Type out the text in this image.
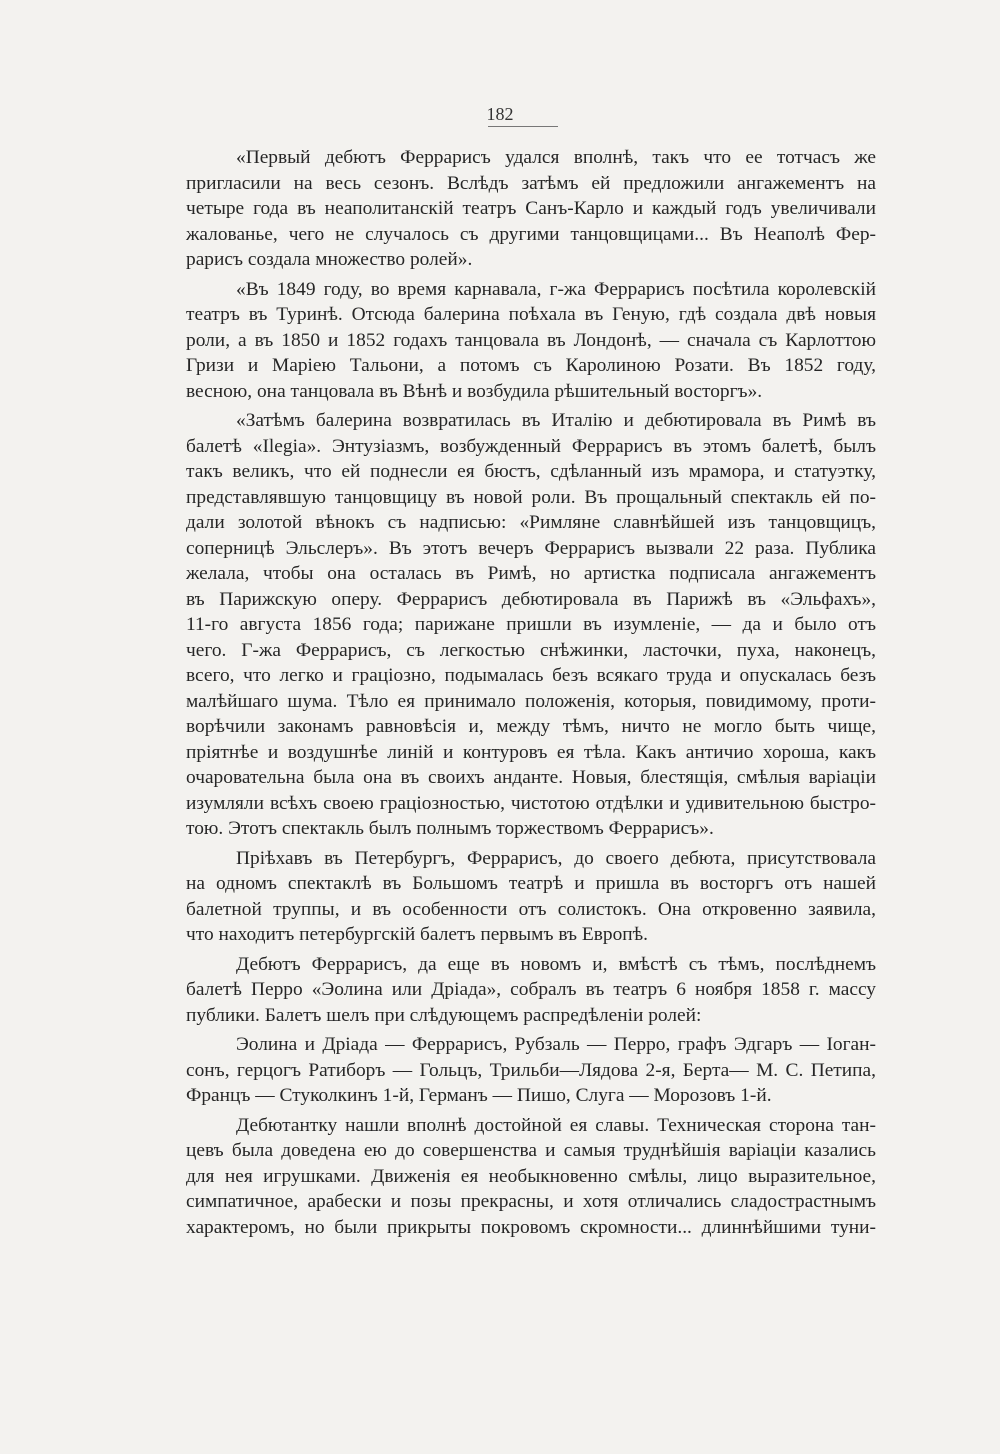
182

«Первый дебютъ Феррарисъ удался вполнѣ, такъ что ее тотчасъ же
пригласили на весь сезонъ. Вслѣдъ затѣмъ ей предложили ангажементъ на
четыре года въ неаполитанскій театръ Санъ-Карло и каждый годъ увеличивали
жалованье, чего не случалось съ другими танцовщицами... Въ Неаполѣ Фер-
рарисъ создала множество ролей».

«Въ 1849 году, во время карнавала, г-жа Феррарисъ посѣтила королевскій
театръ въ Туринѣ. Отсюда балерина поѣхала въ Геную, гдѣ создала двѣ новыя
роли, а въ 1850 и 1852 годахъ танцовала въ Лондонѣ, — сначала съ Карлоттою
Гризи и Маріею Тальони, а потомъ съ Каролиною Розати. Въ 1852 году,
весною, она танцовала въ Вѣнѣ и возбудила рѣшительный восторгъ».

«Затѣмъ балерина возвратилась въ Италію и дебютировала въ Римѣ въ
балетѣ «Ilegia». Энтузіазмъ, возбужденный Феррарисъ въ этомъ балетѣ, былъ
такъ великъ, что ей поднесли ея бюстъ, сдѣланный изъ мрамора, и статуэтку,
представлявшую танцовщицу въ новой роли. Въ прощальный спектакль ей по-
дали золотой вѣнокъ съ надписью: «Римляне славнѣйшей изъ танцовщицъ,
соперницѣ Эльслеръ». Въ этотъ вечеръ Феррарисъ вызвали 22 раза. Публика
желала, чтобы она осталась въ Римѣ, но артистка подписала ангажементъ
въ Парижскую оперу. Феррарисъ дебютировала въ Парижѣ въ «Эльфахъ»,
11-го августа 1856 года; парижане пришли въ изумленіе, — да и было отъ
чего. Г-жа Феррарисъ, съ легкостью снѣжинки, ласточки, пуха, наконецъ,
всего, что легко и граціозно, подымалась безъ всякаго труда и опускалась безъ
малѣйшаго шума. Тѣло ея принимало положенія, которыя, повидимому, проти-
ворѣчили законамъ равновѣсія и, между тѣмъ, ничто не могло быть чище,
пріятнѣе и воздушнѣе линій и контуровъ ея тѣла. Какъ античио хороша, какъ
очаровательна была она въ своихъ анданте. Новыя, блестящія, смѣлыя варіаціи
изумляли всѣхъ своею граціозностью, чистотою отдѣлки и удивительною быстро-
тою. Этотъ спектакль былъ полнымъ торжествомъ Феррарисъ».

Пріѣхавъ въ Петербургъ, Феррарисъ, до своего дебюта, присутствовала
на одномъ спектаклѣ въ Большомъ театрѣ и пришла въ восторгъ отъ нашей
балетной труппы, и въ особенности отъ солистокъ. Она откровенно заявила,
что находитъ петербургскій балетъ первымъ въ Европѣ.

Дебютъ Феррарисъ, да еще въ новомъ и, вмѣстѣ съ тѣмъ, послѣднемъ
балетѣ Перро «Эолина или Дріада», собралъ въ театръ 6 ноября 1858 г. массу
публики. Балетъ шелъ при слѣдующемъ распредѣленіи ролей:

Эолина и Дріада — Феррарисъ, Рубзаль — Перро, графъ Эдгаръ — Іоган-
сонъ, герцогъ Ратиборъ — Гольцъ, Трильби—Лядова 2-я, Берта— М. С. Петипа,
Францъ — Стуколкинъ 1-й, Германъ — Пишо, Слуга — Морозовъ 1-й.

Дебютантку нашли вполнѣ достойной ея славы. Техническая сторона тан-
цевъ была доведена ею до совершенства и самыя труднѣйшія варіаціи казались
для нея игрушками. Движенія ея необыкновенно смѣлы, лицо выразительное,
симпатичное, арабески и позы прекрасны, и хотя отличались сладострастнымъ
характеромъ, но были прикрыты покровомъ скромности... длиннѣйшими туни-
